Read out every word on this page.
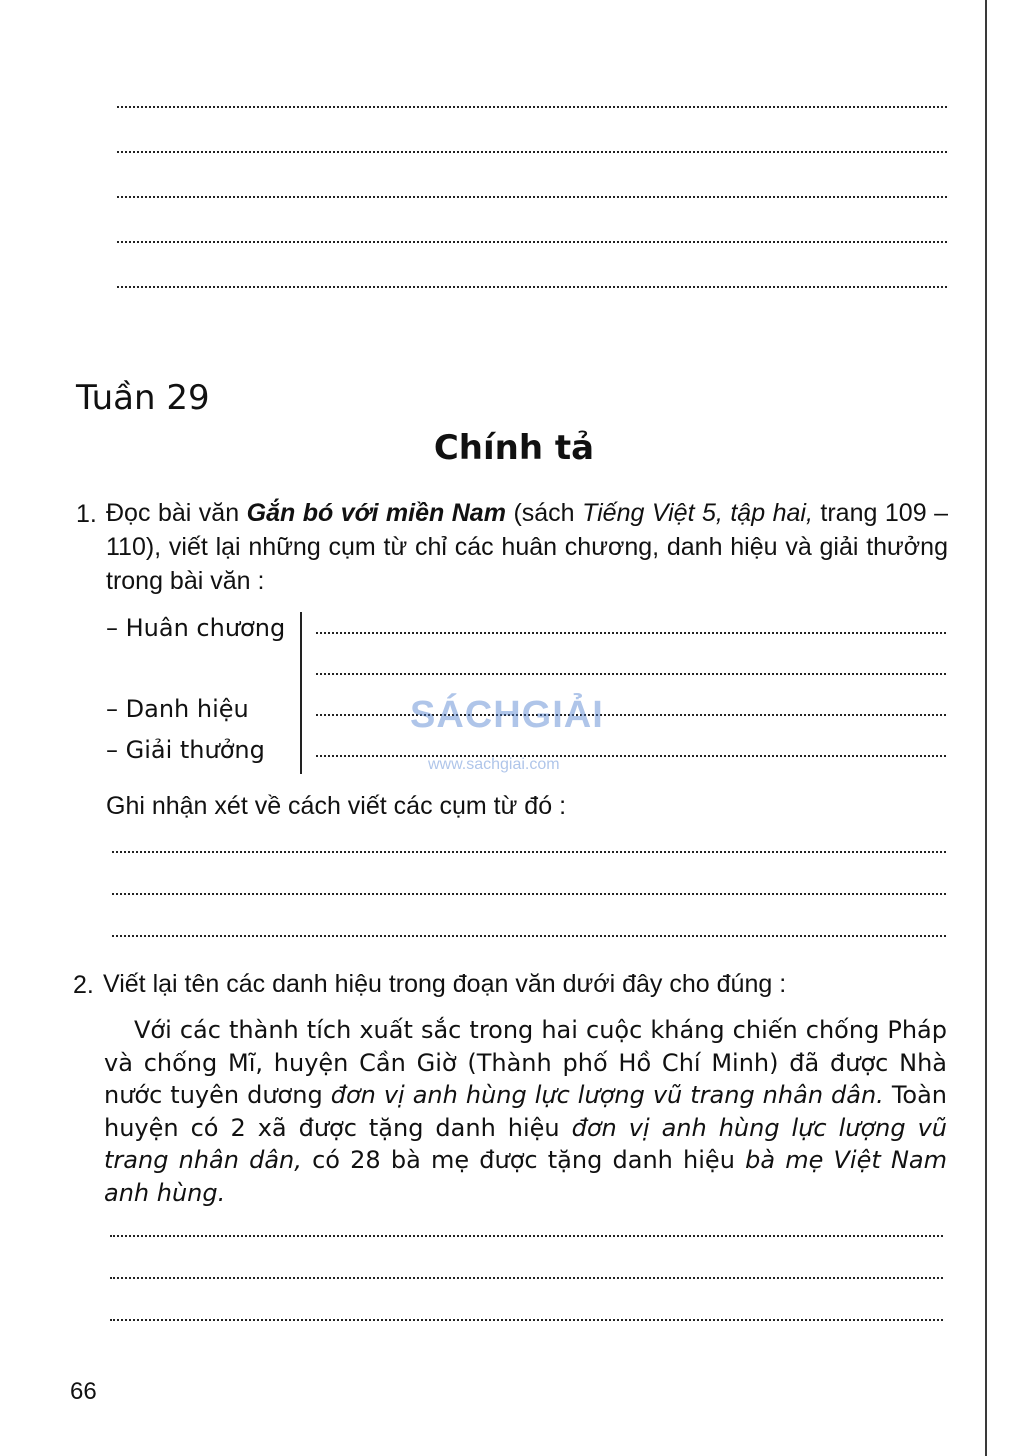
Tuần 29
Chính tả
1. Đọc bài văn Gắn bó với miền Nam (sách Tiếng Việt 5, tập hai, trang 109 – 110), viết lại những cụm từ chỉ các huân chương, danh hiệu và giải thưởng trong bài văn :
– Huân chương
– Danh hiệu
– Giải thưởng
SÁCHGIẢI
www.sachgiai.com
Ghi nhận xét về cách viết các cụm từ đó :
2. Viết lại tên các danh hiệu trong đoạn văn dưới đây cho đúng :

Với các thành tích xuất sắc trong hai cuộc kháng chiến chống Pháp và chống Mĩ, huyện Cần Giờ (Thành phố Hồ Chí Minh) đã được Nhà nước tuyên dương đơn vị anh hùng lực lượng vũ trang nhân dân. Toàn huyện có 2 xã được tặng danh hiệu đơn vị anh hùng lực lượng vũ trang nhân dân, có 28 bà mẹ được tặng danh hiệu bà mẹ Việt Nam anh hùng.

66
